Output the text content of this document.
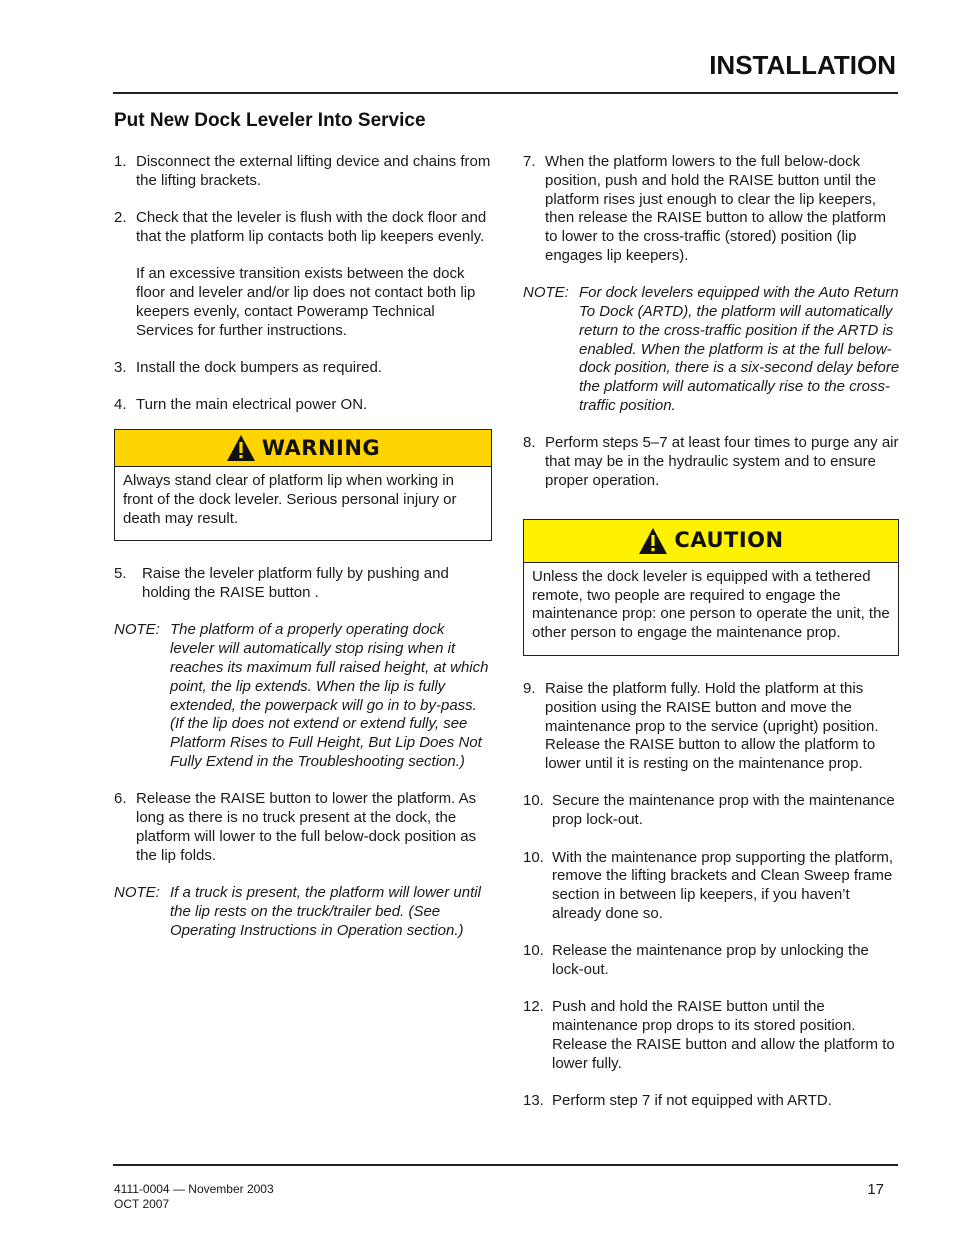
INSTALLATION
Put New Dock Leveler Into Service
1. Disconnect the external lifting device and chains from the lifting brackets.
2. Check that the leveler is flush with the dock floor and that the platform lip contacts both lip keepers evenly.
If an excessive transition exists between the dock floor and leveler and/or lip does not contact both lip keepers evenly, contact Poweramp Technical Services for further instructions.
3. Install the dock bumpers as required.
4. Turn the main electrical power ON.
WARNING
Always stand clear of platform lip when working in front of the dock leveler. Serious personal injury or death may result.
5. Raise the leveler platform fully by pushing and holding the RAISE button .
NOTE: The platform of a properly operating dock leveler will automatically stop rising when it reaches its maximum full raised height, at which point, the lip extends. When the lip is fully extended, the powerpack will go in to by-pass. (If the lip does not extend or extend fully, see Platform Rises to Full Height, But Lip Does Not Fully Extend in the Troubleshooting section.)
6. Release the RAISE button to lower the platform. As long as there is no truck present at the dock, the platform will lower to the full below-dock position as the lip folds.
NOTE: If a truck is present, the platform will lower until the lip rests on the truck/trailer bed. (See Operating Instructions in Operation section.)
7. When the platform lowers to the full below-dock position, push and hold the RAISE button until the platform rises just enough to clear the lip keepers, then release the RAISE button to allow the platform to lower to the cross-traffic (stored) position (lip engages lip keepers).
NOTE: For dock levelers equipped with the Auto Return To Dock (ARTD), the platform will automatically return to the cross-traffic position if the ARTD is enabled. When the platform is at the full below-dock position, there is a six-second delay before the platform will automatically rise to the cross-traffic position.
8. Perform steps 5–7 at least four times to purge any air that may be in the hydraulic system and to ensure proper operation.
CAUTION
Unless the dock leveler is equipped with a tethered remote, two people are required to engage the maintenance prop: one person to operate the unit, the other person to engage the maintenance prop.
9. Raise the platform fully. Hold the platform at this position using the RAISE button and move the maintenance prop to the service (upright) position. Release the RAISE button to allow the platform to lower until it is resting on the maintenance prop.
10. Secure the maintenance prop with the maintenance prop lock-out.
10. With the maintenance prop supporting the platform, remove the lifting brackets and Clean Sweep frame section in between lip keepers, if you haven’t already done so.
10. Release the maintenance prop by unlocking the lock-out.
12. Push and hold the RAISE button until the maintenance prop drops to its stored position. Release the RAISE button and allow the platform to lower fully.
13. Perform step 7 if not equipped with ARTD.
4111-0004 — November 2003
OCT 2007
17
